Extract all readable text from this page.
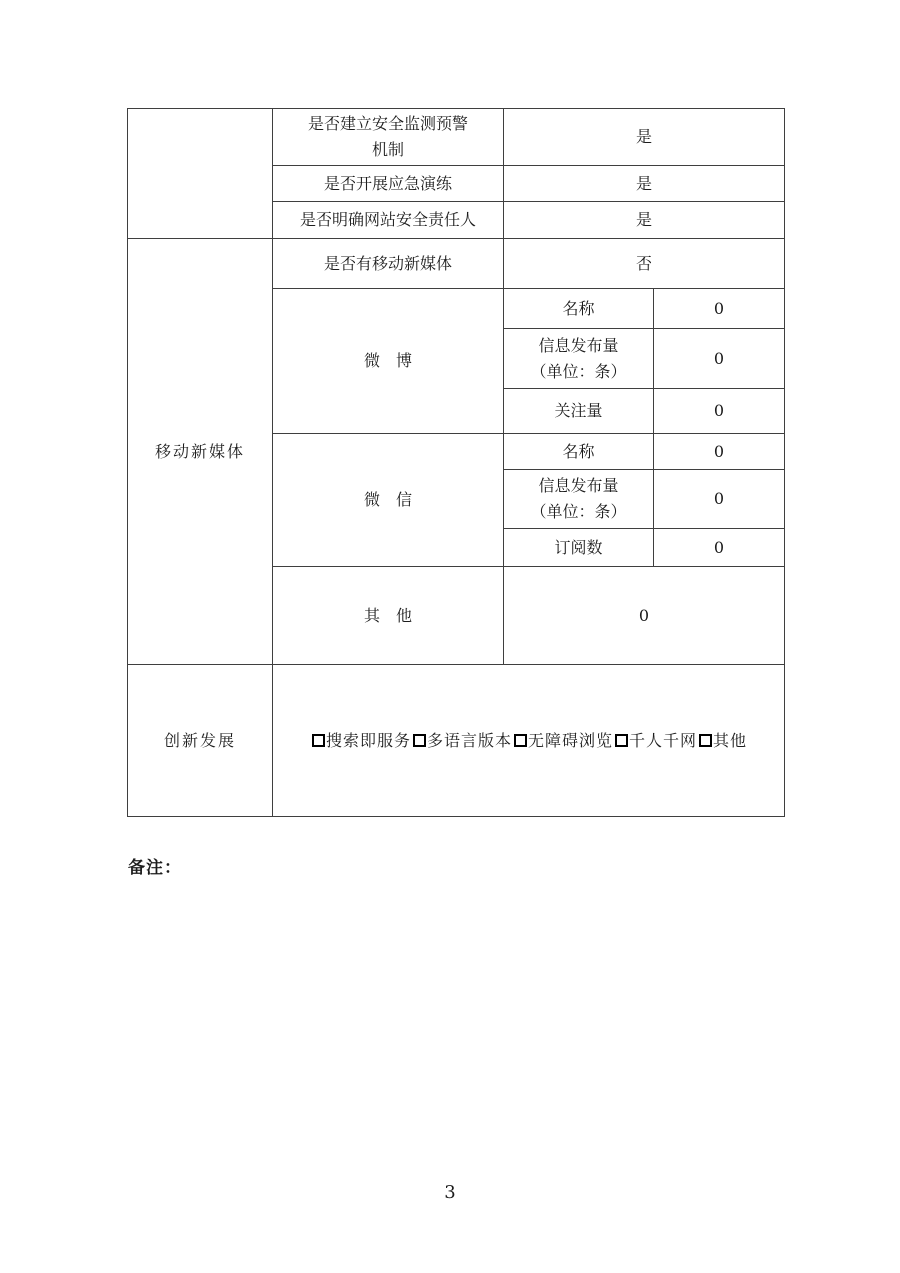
	是否建立安全监测预警
机制	是	
	是否开展应急演练	是	
	是否明确网站安全责任人	是	
移动新媒体	是否有移动新媒体	否	
	微　博	名称	0

		信息发布量
（单位：条）	0
		关注量	0
	微　信	名称	0

		信息发布量
（单位：条）	0
		订阅数	0
	其　他	0	
创新发展	搜索即服务 多语言版本 无障碍浏览 千人千网 其他		
备注：
3
